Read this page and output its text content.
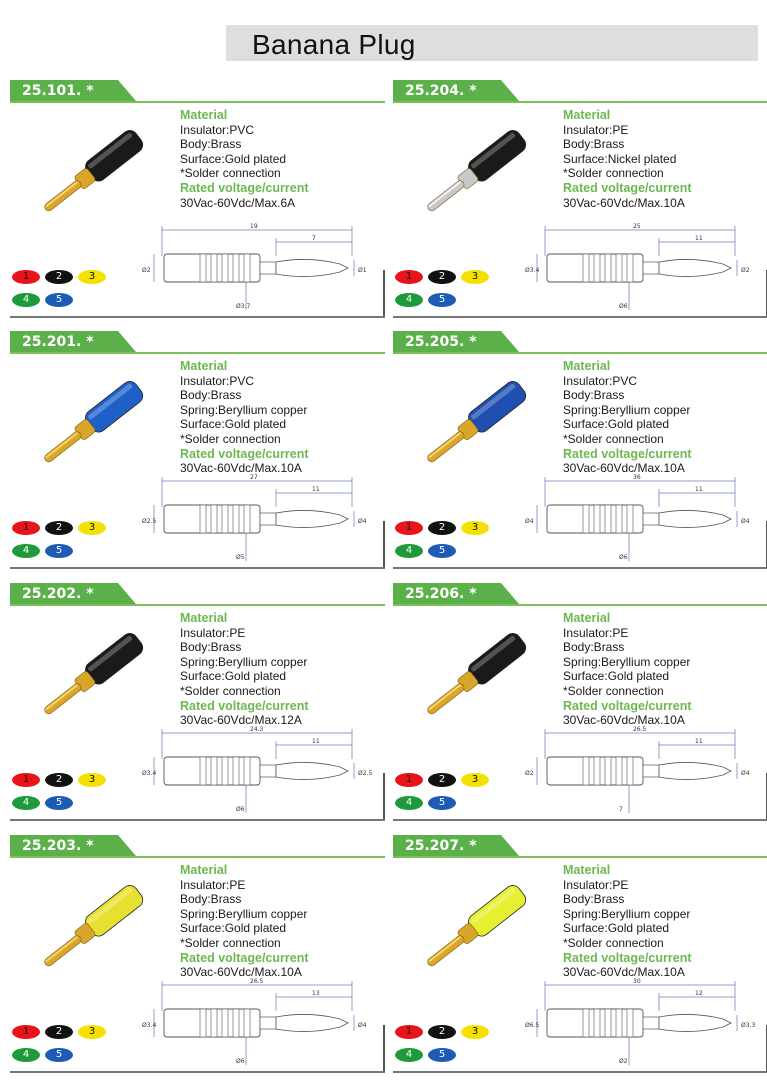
Banana Plug
25.101. *
Material
Insulator:PVC
Body:Brass
Surface:Gold plated
*Solder connection
Rated voltage/current
30Vac-60Vdc/Max.6A
1	2	3
4	5
19
7
Ø2	Ø1
Ø3.7
25.204. *
Material
Insulator:PE
Body:Brass
Surface:Nickel plated
*Solder connection
Rated voltage/current
30Vac-60Vdc/Max.10A
1	2	3
4	5
25
11
Ø3.4	Ø2
Ø6
25.201. *
Material
Insulator:PVC
Body:Brass
Spring:Beryllium copper
Surface:Gold plated
*Solder connection
Rated voltage/current
30Vac-60Vdc/Max.10A
1	2	3
4	5
27
11
Ø2.5	Ø4
Ø5
25.205. *
Material
Insulator:PVC
Body:Brass
Spring:Beryllium copper
Surface:Gold plated
*Solder connection
Rated voltage/current
30Vac-60Vdc/Max.10A
1	2	3
4	5
36
11
Ø4	Ø4
Ø6
25.202. *
Material
Insulator:PE
Body:Brass
Spring:Beryllium copper
Surface:Gold plated
*Solder connection
Rated voltage/current
30Vac-60Vdc/Max.12A
1	2	3
4	5
24.3
11
Ø3.4	Ø2.5
Ø6
25.206. *
Material
Insulator:PE
Body:Brass
Spring:Beryllium copper
Surface:Gold plated
*Solder connection
Rated voltage/current
30Vac-60Vdc/Max.10A
1	2	3
4	5
26.5
11
Ø2	Ø4
7
25.203. *
Material
Insulator:PE
Body:Brass
Spring:Beryllium copper
Surface:Gold plated
*Solder connection
Rated voltage/current
30Vac-60Vdc/Max.10A
1	2	3
4	5
26.5
13
Ø3.4	Ø4
Ø6
25.207. *
Material
Insulator:PE
Body:Brass
Spring:Beryllium copper
Surface:Gold plated
*Solder connection
Rated voltage/current
30Vac-60Vdc/Max.10A
1	2	3
4	5
30
12
Ø6.5	Ø3.3
Ø2
